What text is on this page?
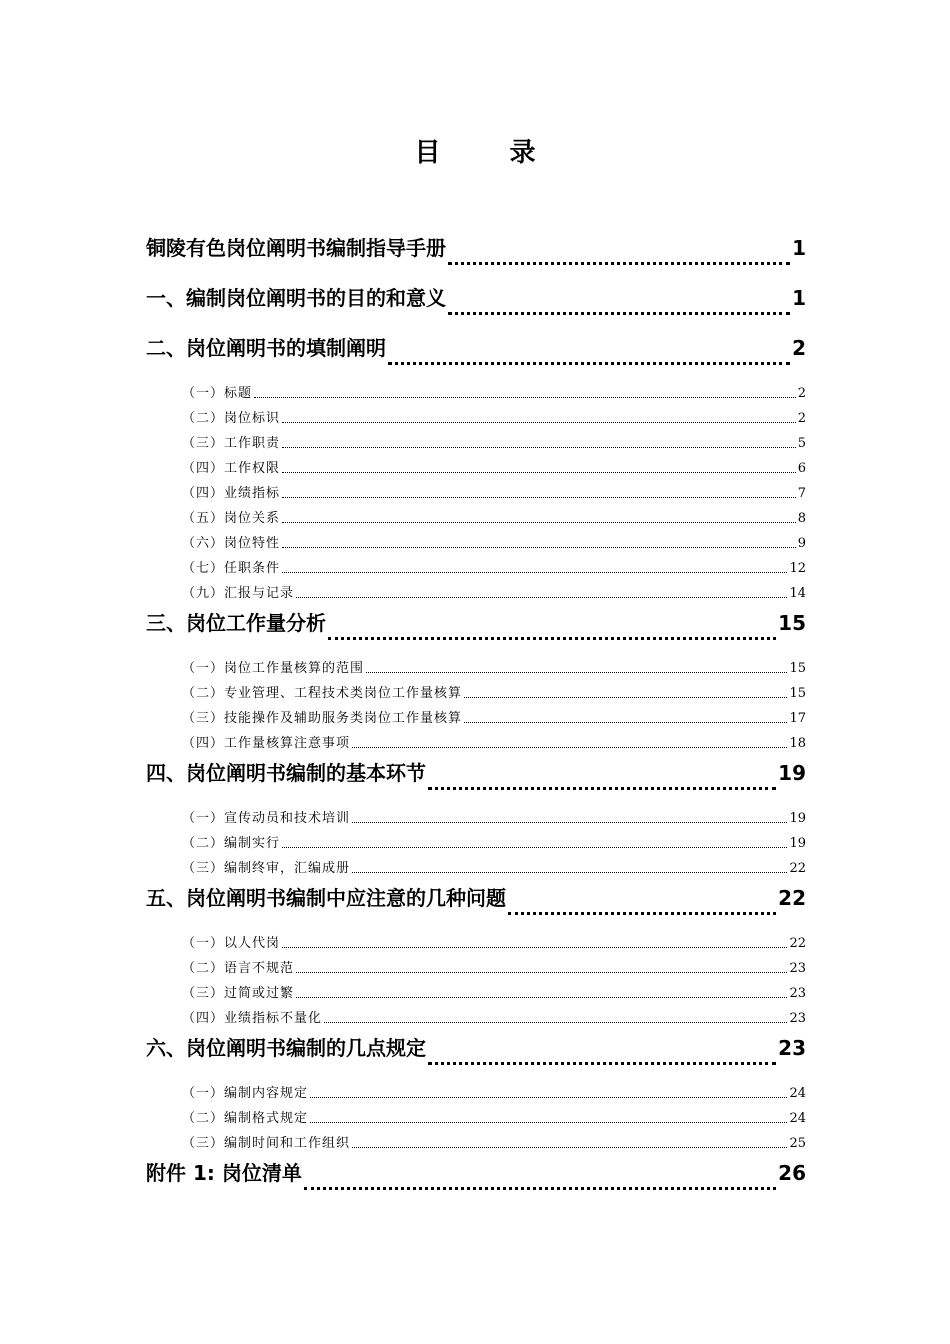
目 录
铜陵有色岗位阐明书编制指导手册	1
一、编制岗位阐明书的目的和意义	1
二、岗位阐明书的填制阐明	2
（一）标题	2
（二）岗位标识	2
（三）工作职责	5
（四）工作权限	6
（四）业绩指标	7
（五）岗位关系	8
（六）岗位特性	9
（七）任职条件	12
（九）汇报与记录	14
三、岗位工作量分析	15
（一）岗位工作量核算的范围	15
（二）专业管理、工程技术类岗位工作量核算	15
（三）技能操作及辅助服务类岗位工作量核算	17
（四）工作量核算注意事项	18
四、岗位阐明书编制的基本环节	19
（一）宣传动员和技术培训	19
（二）编制实行	19
（三）编制终审，汇编成册	22
五、岗位阐明书编制中应注意的几种问题	22
（一）以人代岗	22
（二）语言不规范	23
（三）过简或过繁	23
（四）业绩指标不量化	23
六、岗位阐明书编制的几点规定	23
（一）编制内容规定	24
（二）编制格式规定	24
（三）编制时间和工作组织	25
附件 1: 岗位清单	26
